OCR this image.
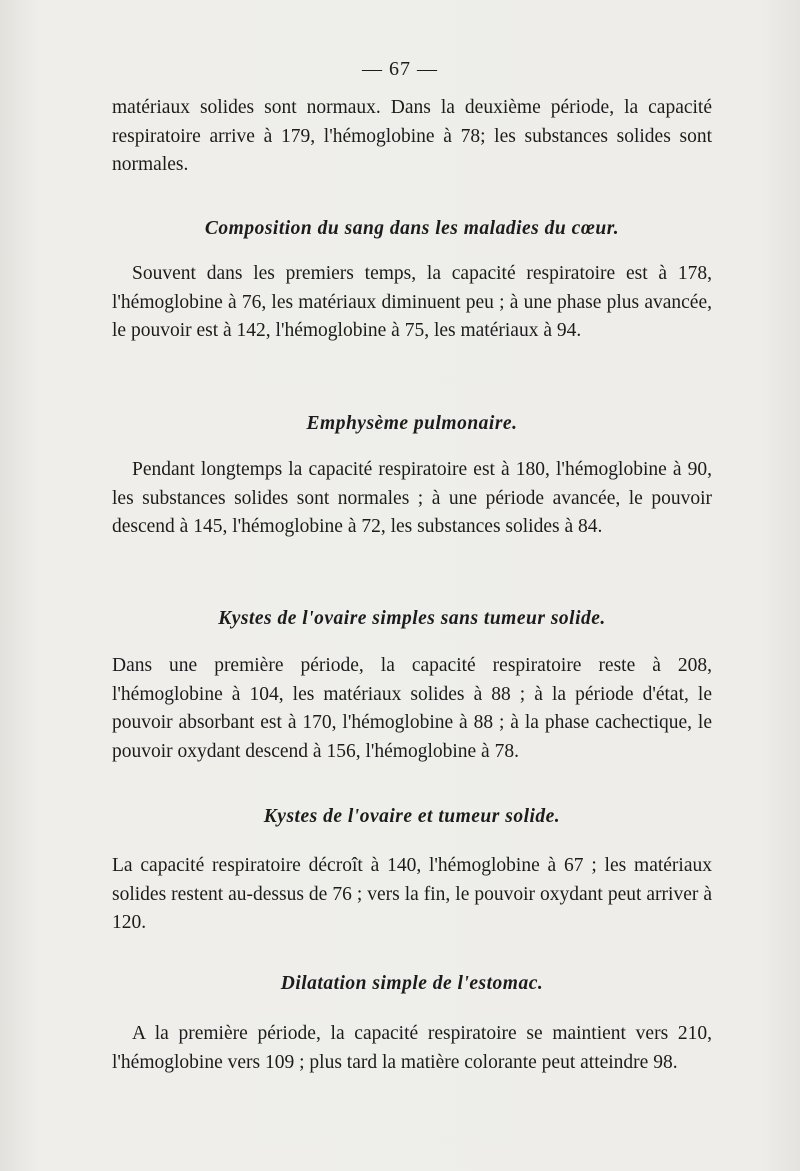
— 67 —

matériaux solides sont normaux. Dans la deuxième période, la capacité respiratoire arrive à 179, l'hémoglobine à 78; les substances solides sont normales.

Composition du sang dans les maladies du cœur.

Souvent dans les premiers temps, la capacité respiratoire est à 178, l'hémoglobine à 76, les matériaux diminuent peu ; à une phase plus avancée, le pouvoir est à 142, l'hémoglobine à 75, les matériaux à 94.

Emphysème pulmonaire.

Pendant longtemps la capacité respiratoire est à 180, l'hémoglobine à 90, les substances solides sont normales ; à une période avancée, le pouvoir descend à 145, l'hémoglobine à 72, les substances solides à 84.

Kystes de l'ovaire simples sans tumeur solide.

Dans une première période, la capacité respiratoire reste à 208, l'hémoglobine à 104, les matériaux solides à 88 ; à la période d'état, le pouvoir absorbant est à 170, l'hémoglobine à 88 ; à la phase cachectique, le pouvoir oxydant descend à 156, l'hémoglobine à 78.

Kystes de l'ovaire et tumeur solide.

La capacité respiratoire décroît à 140, l'hémoglobine à 67 ; les matériaux solides restent au-dessus de 76 ; vers la fin, le pouvoir oxydant peut arriver à 120.

Dilatation simple de l'estomac.

A la première période, la capacité respiratoire se maintient vers 210, l'hémoglobine vers 109 ; plus tard la matière colorante peut atteindre 98.
